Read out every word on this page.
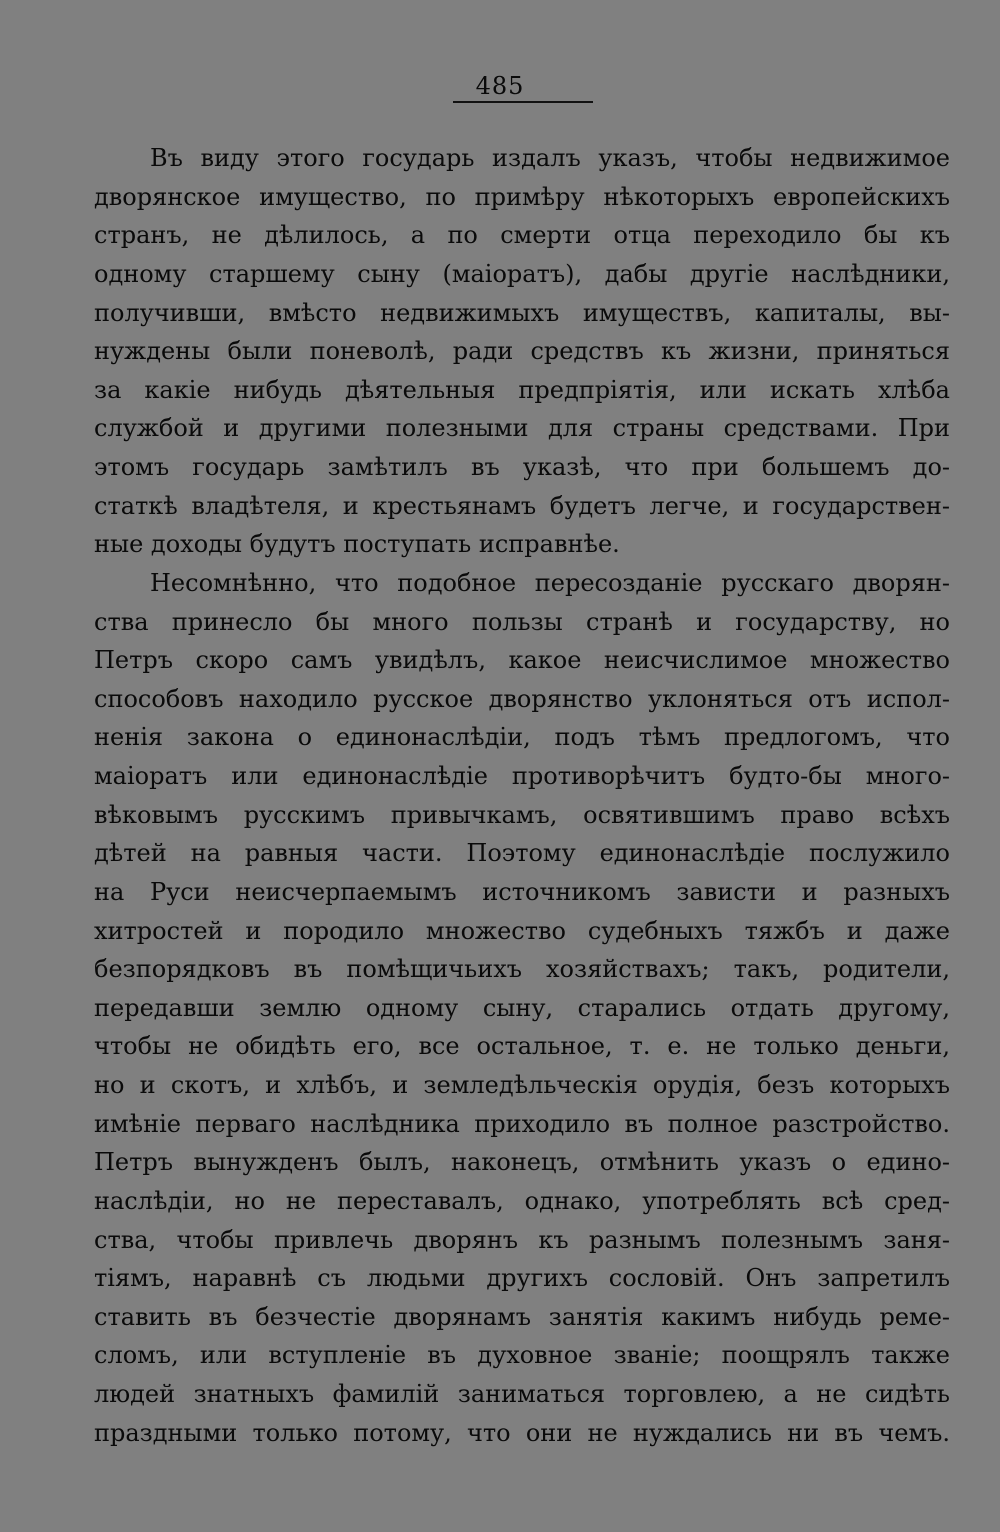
485
Въ виду этого государь издалъ указъ, чтобы недвижимое
дворянское имущество, по примѣру нѣкоторыхъ европейскихъ
странъ, не дѣлилось, а по смерти отца переходило бы къ
одному старшему сыну (маіоратъ), дабы другіе наслѣдники,
получивши, вмѣсто недвижимыхъ имуществъ, капиталы, вы-
нуждены были поневолѣ, ради средствъ къ жизни, приняться
за какіе нибудь дѣятельныя предпріятія, или искать хлѣба
службой и другими полезными для страны средствами. При
этомъ государь замѣтилъ въ указѣ, что при большемъ до-
статкѣ владѣтеля, и крестьянамъ будетъ легче, и государствен-
ные доходы будутъ поступать исправнѣе.
Несомнѣнно, что подобное пересозданіе русскаго дворян-
ства принесло бы много пользы странѣ и государству, но
Петръ скоро самъ увидѣлъ, какое неисчислимое множество
способовъ находило русское дворянство уклоняться отъ испол-
ненія закона о единонаслѣдіи, подъ тѣмъ предлогомъ, что
маіоратъ или единонаслѣдіе противорѣчитъ будто-бы много-
вѣковымъ русскимъ привычкамъ, освятившимъ право всѣхъ
дѣтей на равныя части. Поэтому единонаслѣдіе послужило
на Руси неисчерпаемымъ источникомъ зависти и разныхъ
хитростей и породило множество судебныхъ тяжбъ и даже
безпорядковъ въ помѣщичьихъ хозяйствахъ; такъ, родители,
передавши землю одному сыну, старались отдать другому,
чтобы не обидѣть его, все остальное, т. е. не только деньги,
но и скотъ, и хлѣбъ, и земледѣльческія орудія, безъ которыхъ
имѣніе перваго наслѣдника приходило въ полное разстройство.
Петръ вынужденъ былъ, наконецъ, отмѣнить указъ о едино-
наслѣдіи, но не переставалъ, однако, употреблять всѣ сред-
ства, чтобы привлечь дворянъ къ разнымъ полезнымъ заня-
тіямъ, наравнѣ съ людьми другихъ сословій. Онъ запретилъ
ставить въ безчестіе дворянамъ занятія какимъ нибудь реме-
сломъ, или вступленіе въ духовное званіе; поощрялъ также
людей знатныхъ фамилій заниматься торговлею, а не сидѣть
праздными только потому, что они не нуждались ни въ чемъ.
